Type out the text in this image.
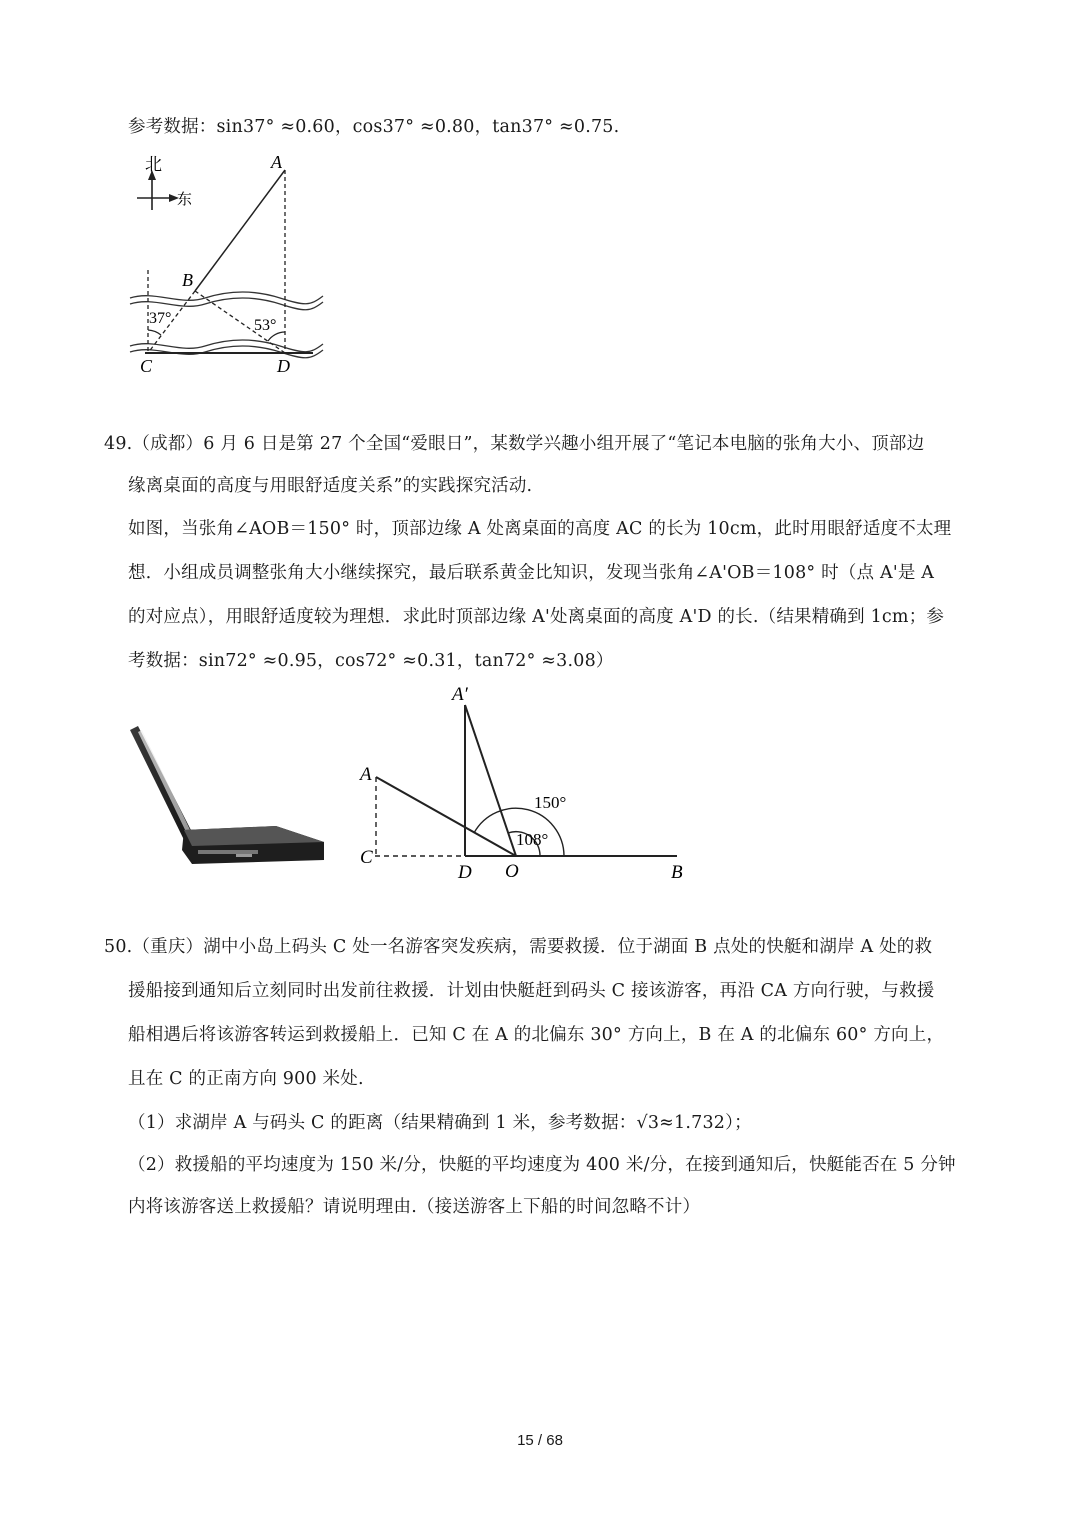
参考数据：sin37° ≈0.60，cos37° ≈0.80，tan37° ≈0.75.
北
东
A
B
C	D
37°	53°
49.（成都）6 月 6 日是第 27 个全国“爱眼日”，某数学兴趣小组开展了“笔记本电脑的张角大小、顶部边
缘离桌面的高度与用眼舒适度关系”的实践探究活动.
如图，当张角∠AOB＝150° 时，顶部边缘 A 处离桌面的高度 AC 的长为 10cm，此时用眼舒适度不太理
想．小组成员调整张角大小继续探究，最后联系黄金比知识，发现当张角∠A'OB＝108° 时（点 A'是 A
的对应点），用眼舒适度较为理想．求此时顶部边缘 A'处离桌面的高度 A'D 的长.（结果精确到 1cm；参
考数据：sin72° ≈0.95，cos72° ≈0.31，tan72° ≈3.08）
A′
A
C
D O	B
150°
108°
50.（重庆）湖中小岛上码头 C 处一名游客突发疾病，需要救援．位于湖面 B 点处的快艇和湖岸 A 处的救
援船接到通知后立刻同时出发前往救援．计划由快艇赶到码头 C 接该游客，再沿 CA 方向行驶，与救援
船相遇后将该游客转运到救援船上．已知 C 在 A 的北偏东 30° 方向上，B 在 A 的北偏东 60° 方向上，
且在 C 的正南方向 900 米处.
（1）求湖岸 A 与码头 C 的距离（结果精确到 1 米，参考数据：√3≈1.732）；
（2）救援船的平均速度为 150 米/分，快艇的平均速度为 400 米/分，在接到通知后，快艇能否在 5 分钟
内将该游客送上救援船？请说明理由.（接送游客上下船的时间忽略不计）
15 / 68
